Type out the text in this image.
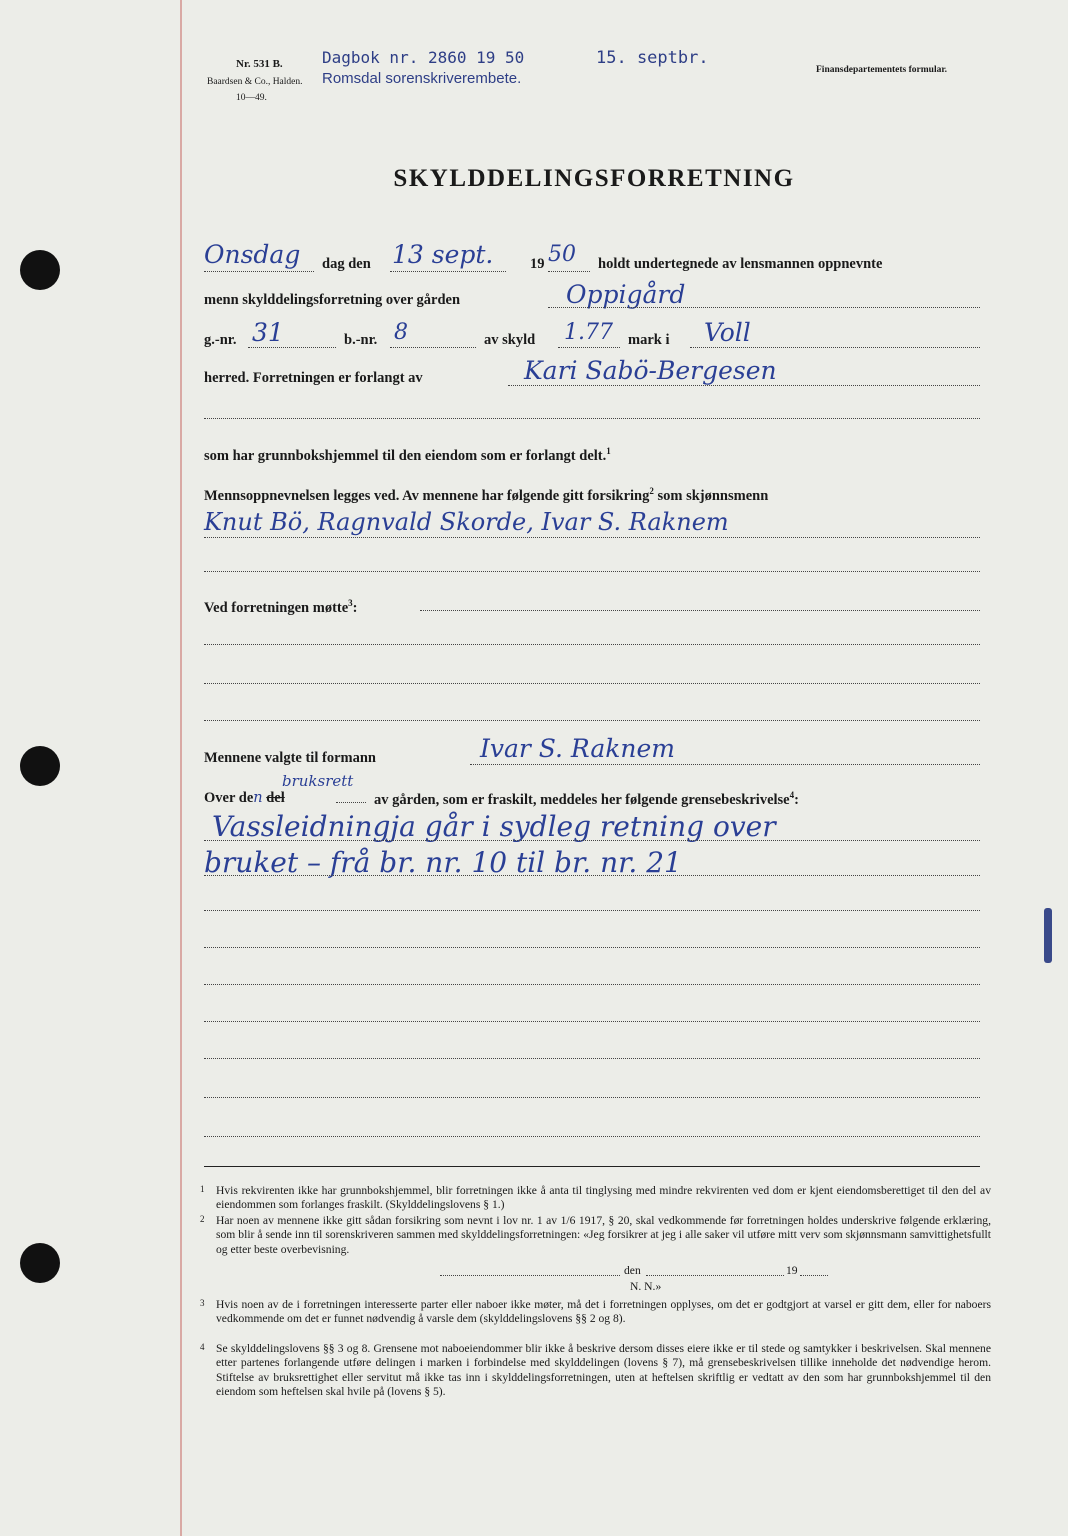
Nr. 531 B.
Baardsen & Co., Halden.
10—49.
Dagbok nr. 2860 19 50
Romsdal sorenskriverembete.
15. septbr.
Finansdepartementets formular.
SKYLDDELINGSFORRETNING
Onsdag dag den 13 sept.	19 50 holdt undertegnede av lensmannen oppnevnte
menn skylddelingsforretning over gården	Oppigård
g.-nr. 31	b.-nr. 8	av skyld 1.77 mark i Voll
herred. Forretningen er forlangt av	Kari Sabö-Bergesen
som har grunnbokshjemmel til den eiendom som er forlangt delt.$^1$
Mennsoppnevnelsen legges ved. Av mennene har følgende gitt forsikring$^2$ som skjønnsmenn
Knut Bö, Ragnvald Skorde, Ivar S. Raknem
Ved forretningen møtte$^3$:
Mennene valgte til formann	Ivar S. Raknem
bruksrett
Over den del	av gården, som er fraskilt, meddeles her følgende grensebeskrivelse$^4$:
Vassleidningja går i sydleg retning over
bruket – frå br. nr. 10 til br. nr. 21
1 Hvis rekvirenten ikke har grunnbokshjemmel, blir forretningen ikke å anta til tinglysing med mindre rekvirenten ved dom er kjent eiendomsberettiget til den del av eiendommen som forlanges fraskilt. (Skylddelingslovens § 1.)
2 Har noen av mennene ikke gitt sådan forsikring som nevnt i lov nr. 1 av 1/6 1917, § 20, skal vedkommende før forretningen holdes underskrive følgende erklæring, som blir å sende inn til sorenskriveren sammen med skylddelingsforretningen: «Jeg forsikrer at jeg i alle saker vil utføre mitt verv som skjønnsmann samvittighetsfullt og etter beste overbevisning.
den	19
N. N.»
3 Hvis noen av de i forretningen interesserte parter eller naboer ikke møter, må det i forretningen opplyses, om det er godtgjort at varsel er gitt dem, eller for naboers vedkommende om det er funnet nødvendig å varsle dem (skylddelingslovens §§ 2 og 8).
4 Se skylddelingslovens §§ 3 og 8. Grensene mot naboeiendommer blir ikke å beskrive dersom disses eiere ikke er til stede og samtykker i beskrivelsen. Skal mennene etter partenes forlangende utføre delingen i marken i forbindelse med skylddelingen (lovens § 7), må grensebeskrivelsen tillike inneholde det nødvendige herom. Stiftelse av bruksrettighet eller servitut må ikke tas inn i skylddelingsforretningen, uten at heftelsen skriftlig er vedtatt av den som har grunnbokshjemmel til den eiendom som heftelsen skal hvile på (lovens § 5).
